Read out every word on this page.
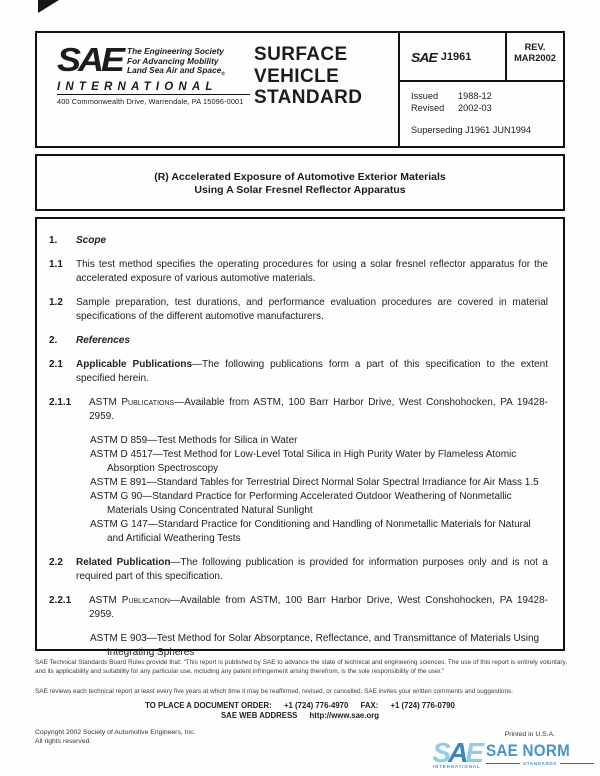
SAE The Engineering Society
For Advancing Mobility
Land Sea Air and Space$_®$
INTERNATIONAL
400 Commonwealth Drive, Warrendale, PA 15096-0001
SURFACE
VEHICLE
STANDARD
SAE J1961
REV.
MAR2002
Issued	1988-12
Revised	2002-03
Superseding J1961 JUN1994
(R) Accelerated Exposure of Automotive Exterior Materials
Using A Solar Fresnel Reflector Apparatus
1.	Scope
1.1	This test method specifies the operating procedures for using a solar fresnel reflector apparatus for the accelerated exposure of various automotive materials.
1.2	Sample preparation, test durations, and performance evaluation procedures are covered in material specifications of the different automotive manufacturers.
2.	References
2.1	Applicable Publications—The following publications form a part of this specification to the extent specified herein.
2.1.1	ASTM Publications—Available from ASTM, 100 Barr Harbor Drive, West Conshohocken, PA 19428-2959.
ASTM D 859—Test Methods for Silica in Water
ASTM D 4517—Test Method for Low-Level Total Silica in High Purity Water by Flameless Atomic Absorption Spectroscopy
ASTM E 891—Standard Tables for Terrestrial Direct Normal Solar Spectral Irradiance for Air Mass 1.5
ASTM G 90—Standard Practice for Performing Accelerated Outdoor Weathering of Nonmetallic Materials Using Concentrated Natural Sunlight
ASTM G 147—Standard Practice for Conditioning and Handling of Nonmetallic Materials for Natural and Artificial Weathering Tests
2.2	Related Publication—The following publication is provided for information purposes only and is not a required part of this specification.
2.2.1	ASTM Publication—Available from ASTM, 100 Barr Harbor Drive, West Conshohocken, PA 19428-2959.
ASTM E 903—Test Method for Solar Absorptance, Reflectance, and Transmittance of Materials Using Integrating Spheres
SAE Technical Standards Board Rules provide that: “This report is published by SAE to advance the state of technical and engineering sciences. The use of this report is entirely voluntary, and its applicability and suitability for any particular use, including any patent infringement arising therefrom, is the sole responsibility of the user.”
SAE reviews each technical report at least every five years at which time it may be reaffirmed, revised, or cancelled. SAE invites your written comments and suggestions.
TO PLACE A DOCUMENT ORDER: +1 (724) 776-4970 FAX: +1 (724) 776-0790
SAE WEB ADDRESS http://www.sae.org
Copyright 2002 Society of Automotive Engineers, Inc.
All rights reserved.
Printed in U.S.A.
SAE
INTERNATIONAL
SAE NORM
STANDARDS
